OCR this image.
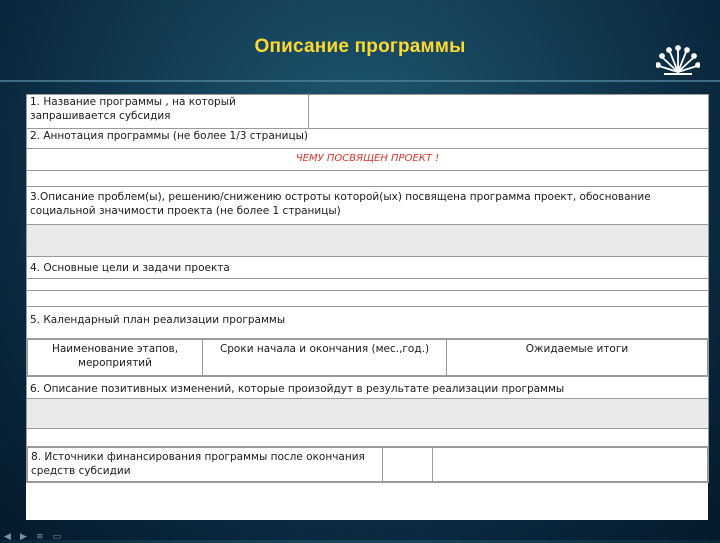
Описание программы
1. Название программы , на который запрашивается субсидия	
2. Аннотация программы (не более 1/3 страницы)
ЧЕМУ ПОСВЯЩЕН ПРОЕКТ !

3.Описание проблем(ы), решению/снижению остроты которой(ых) посвящена программа проект, обоснование социальной значимости проекта (не более 1 страницы)

4. Основные цели и задачи проекта

5. Календарный план реализации программы

Наименование этапов, мероприятий	Сроки начала и окончания (мес.,год.)	Ожидаемые итоги

6. Описание позитивных изменений, которые произойдут в результате реализации программы

8. Источники финансирования программы после окончания средств субсидии		
◀ ▶ ≡ ▭
